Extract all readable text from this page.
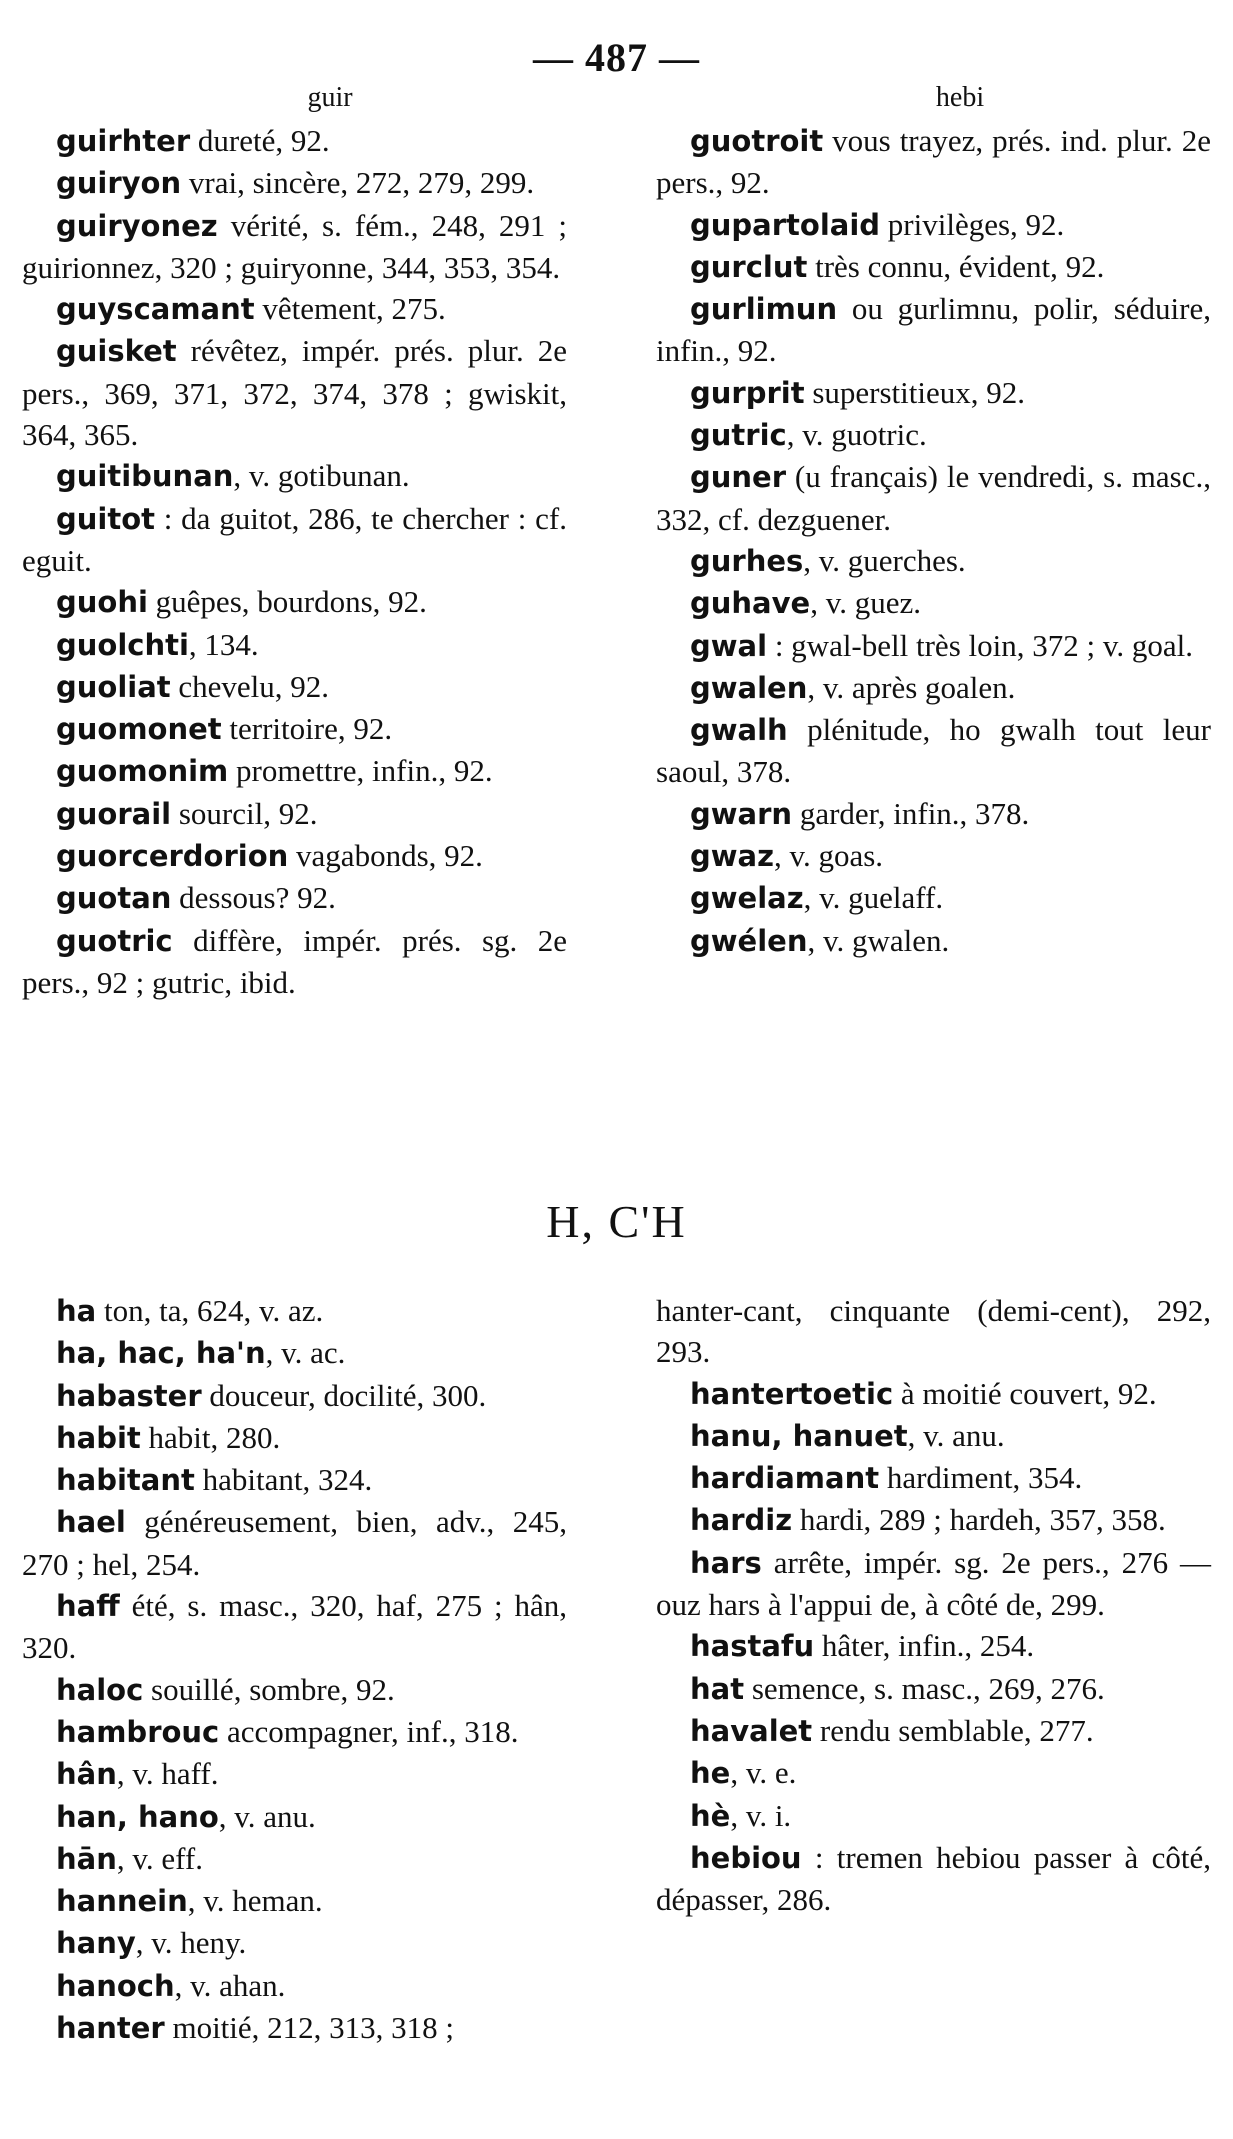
— 487 —
guir	hebi
guirhter dureté, 92.
guiryon vrai, sincère, 272, 279, 299.
guiryonez vérité, s. fém., 248, 291 ; guirionnez, 320 ; guiryonne, 344, 353, 354.
guyscamant vêtement, 275.
guisket révêtez, impér. prés. plur. 2e pers., 369, 371, 372, 374, 378 ; gwiskit, 364, 365.
guitibunan, v. gotibunan.
guitot : da guitot, 286, te chercher : cf. eguit.
guohi guêpes, bourdons, 92.
guolchti, 134.
guoliat chevelu, 92.
guomonet territoire, 92.
guomonim promettre, infin., 92.
guorail sourcil, 92.
guorcerdorion vagabonds, 92.
guotan dessous? 92.
guotric diffère, impér. prés. sg. 2e pers., 92 ; gutric, ibid.
guotroit vous trayez, prés. ind. plur. 2e pers., 92.
gupartolaid privilèges, 92.
gurclut très connu, évident, 92.
gurlimun ou gurlimnu, polir, séduire, infin., 92.
gurprit superstitieux, 92.
gutric, v. guotric.
guner (u français) le vendredi, s. masc., 332, cf. dezguener.
gurhes, v. guerches.
guhave, v. guez.
gwal : gwal-bell très loin, 372 ; v. goal.
gwalen, v. après goalen.
gwalh plénitude, ho gwalh tout leur saoul, 378.
gwarn garder, infin., 378.
gwaz, v. goas.
gwelaz, v. guelaff.
gwélen, v. gwalen.
H, C'H
ha ton, ta, 624, v. az.
ha, hac, ha'n, v. ac.
habaster douceur, docilité, 300.
habit habit, 280.
habitant habitant, 324.
hael généreusement, bien, adv., 245, 270 ; hel, 254.
haff été, s. masc., 320, haf, 275 ; hân, 320.
haloc souillé, sombre, 92.
hambrouc accompagner, inf., 318.
hân, v. haff.
han, hano, v. anu.
hān, v. eff.
hannein, v. heman.
hany, v. heny.
hanoch, v. ahan.
hanter moitié, 212, 313, 318 ;
hanter-cant, cinquante (demi-cent), 292, 293.
hantertoetic à moitié couvert, 92.
hanu, hanuet, v. anu.
hardiamant hardiment, 354.
hardiz hardi, 289 ; hardeh, 357, 358.
hars arrête, impér. sg. 2e pers., 276 — ouz hars à l'appui de, à côté de, 299.
hastafu hâter, infin., 254.
hat semence, s. masc., 269, 276.
havalet rendu semblable, 277.
he, v. e.
hè, v. i.
hebiou : tremen hebiou passer à côté, dépasser, 286.
